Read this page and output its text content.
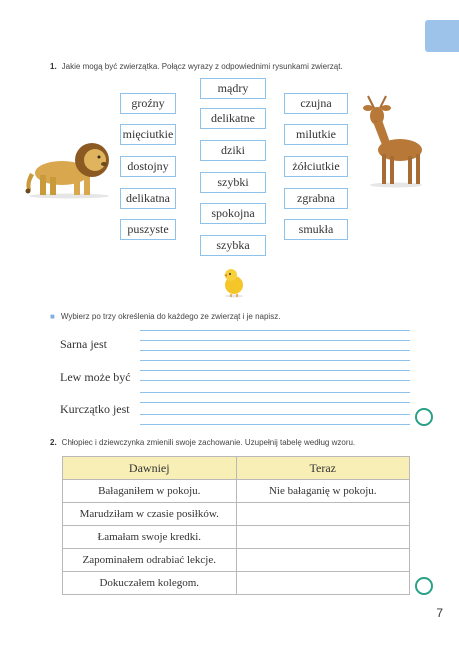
1. Jakie mogą być zwierzątka. Połącz wyrazy z odpowiednimi rysunkami zwierząt.
groźny
mięciutkie
dostojny
delikatna
puszyste
mądry
delikatne
dziki
szybki
spokojna
szybka
czujna
milutkie
żółciutkie
zgrabna
smukła
■ Wybierz po trzy określenia do każdego ze zwierząt i je napisz.
Sarna jest
Lew może być
Kurczątko jest
2. Chłopiec i dziewczynka zmienili swoje zachowanie. Uzupełnij tabelę według wzoru.
Dawniej	Teraz
Bałaganiłem w pokoju.	Nie bałaganię w pokoju.
Marudziłam w czasie posiłków.	
Łamałam swoje kredki.	
Zapominałem odrabiać lekcje.	
Dokuczałem kolegom.	
7
